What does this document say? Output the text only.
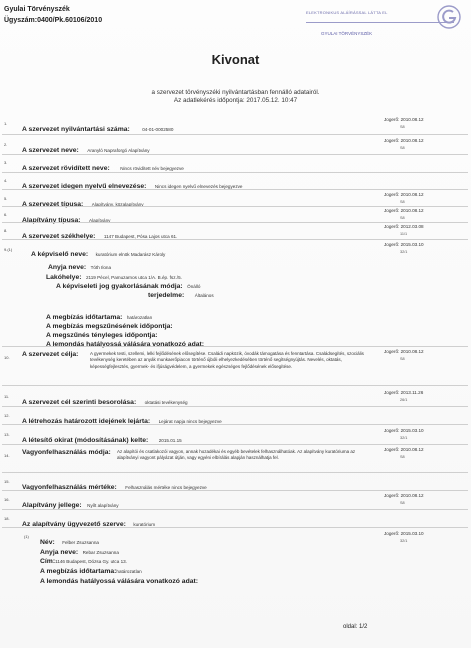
Gyulai Törvényszék
Ügyszám:0400/Pk.60106/2010
ELEKTRONIKUS ALÁÍRÁSSAL LÁTTA EL
GYULAI TÖRVÉNYSZÉK
Kivonat
a szervezet törvényszéki nyilvántartásban fennálló adatairól.
Az adatlekérés időpontja: 2017.05.12. 10:47
1.
A szervezet nyilvántartási száma:	04-01-0002580
Jogerő: 2010.08.12
S8
2.
A szervezet neve: Aranyló Napraforgó Alapítvány
Jogerő: 2010.08.12
S8
3.
A szervezet rövidített neve: Nincs rövidített név bejegyezve
4.
A szervezet idegen nyelvű elnevezése: Nincs idegen nyelvű elnevezés bejegyezve
5.
A szervezet típusa: Alapítvány, közalapítvány
Jogerő: 2010.08.12
S8
6.
Alapítvány típusa: Alapítvány
Jogerő: 2010.08.12
S8
8.
A szervezet székhelye: 1147 Budapest, Pósa Lajos utca 61.
Jogerő: 2012.03.08
11/1
9.(1)
A képviselő neve: kuratórium elnök Madarász Károly
Jogerő: 2015.03.10
32/1
Anyja neve: Tóth Ilona
Lakóhelye: 2119 Pécel, Pamuzarnos utca 1/A. B.ép. fsz./5.
A képviseleti jog gyakorlásának módja: Önálló
terjedelme: Általános
A megbízás időtartama: határozatlan
A megbízás megszűnésének időpontja:
A megszűnés tényleges időpontja:
A lemondás hatályossá válására vonatkozó adat:
10. A szervezet célja:	A gyermekek testi, szellemi, lelki fejlődésének elősegítése. Családi napközik, óvodák támogatása és fenntartása. Családsegítés, szociális tevékenység keretében az anyák munkaerőpiacon történő újbóli elhelyezkedésében történő segítségnyújtás. Nevelés, oktatás, képességfejlesztés, gyermek- és ifjúságvédelem, a gyermekek egészséges fejlődésének elősegítése.
Jogerő: 2010.08.12
S8
11.
A szervezet cél szerinti besorolása: oktatási tevékenység
Jogerő: 2013.11.26
26/1
12.
A létrehozás határozott idejének lejárta: Lejárat napja nincs bejegyezve
13.
A létesítő okirat (módosításának) kelte: 2015.01.15
Jogerő: 2015.03.10
32/1
14. Vagyonfelhasználás módja: Az alapítói és csatlakozói vagyon, annak hozadékai és egyéb bevételek felhasználhatóak. Az alapítvány kuratóriuma az alapítványi vagyont pályázat útján, vagy egyéni elbírálás alapján használhatja fel.
Jogerő: 2010.08.12
S8
15.
Vagyonfelhasználás mértéke: Felhasználás mértéke nincs bejegyezve
16.
Alapítvány jellege: Nyílt alapítvány
Jogerő: 2010.08.12
S8
18.
Az alapítvány ügyvezető szerve: kuratórium
(1)
Név: Felber Zsuzsanna
Jogerő: 2015.03.10
32/1
Anyja neve: Rebar Zsuzsanna
Cím:1146 Budapest, Dózsa Gy. utca 13.
A megbízás időtartama:határozatlan
A lemondás hatályossá válására vonatkozó adat:
oldal: 1/2
